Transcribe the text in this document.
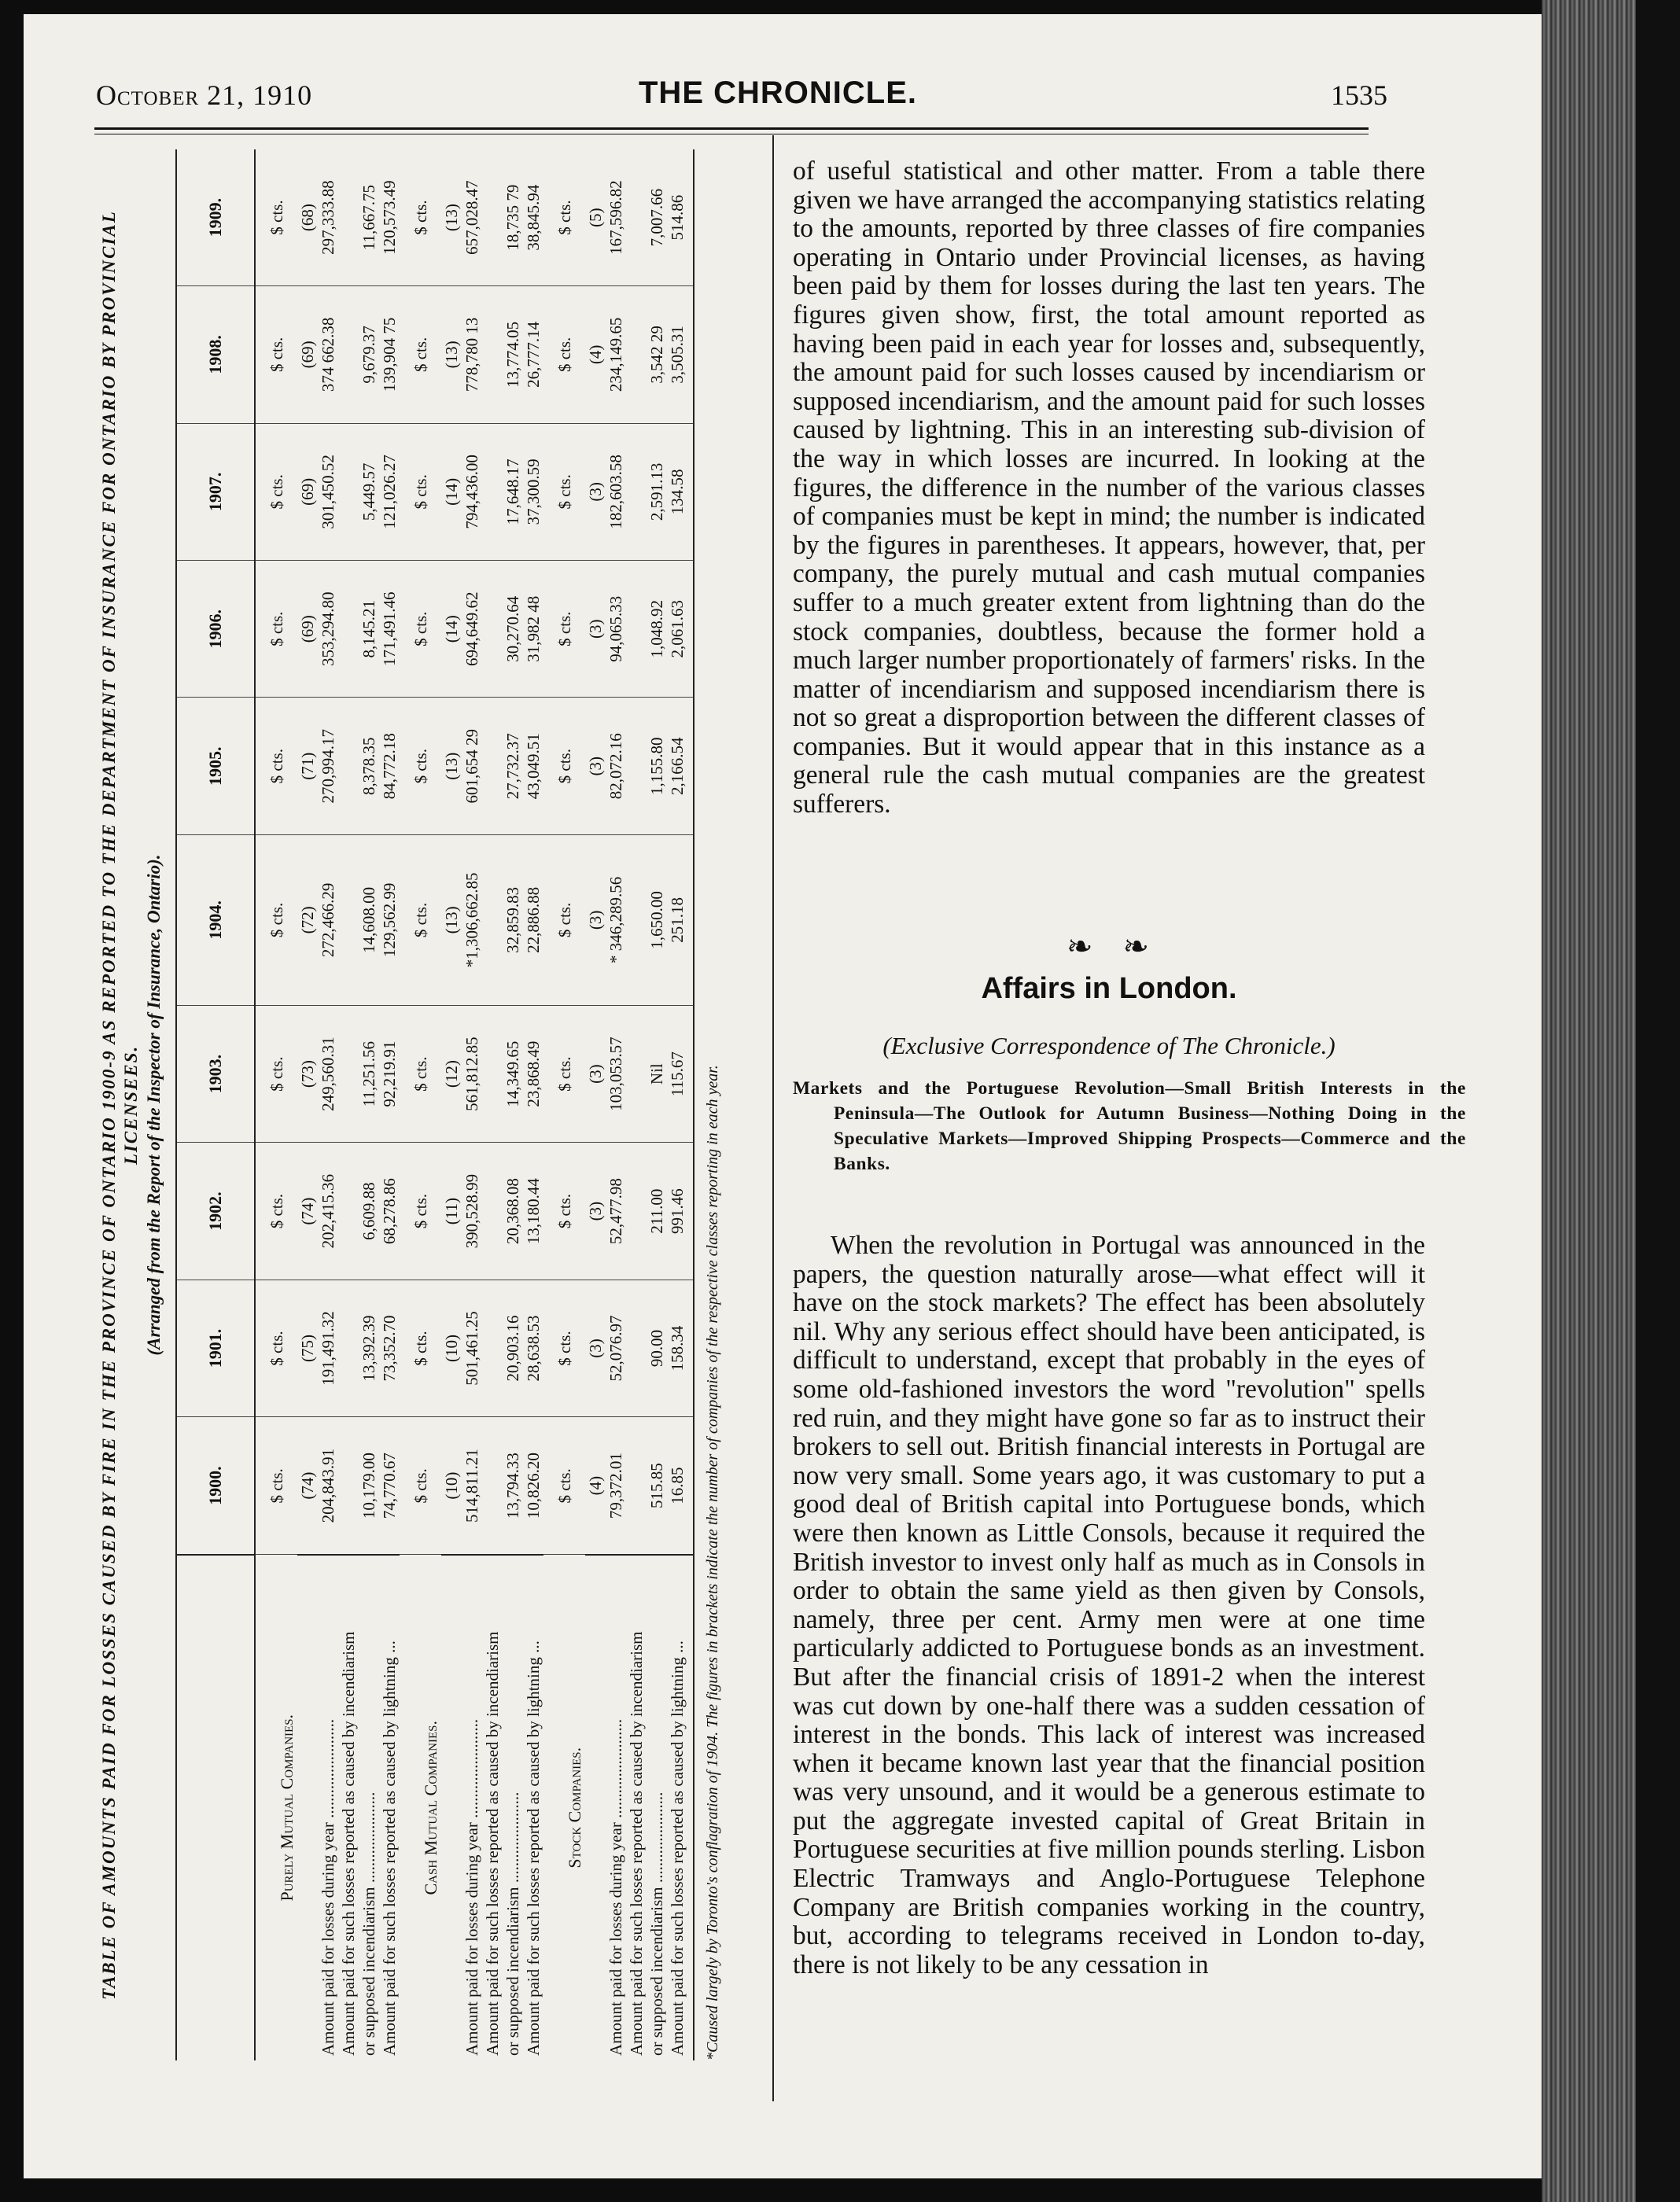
October 21, 1910	THE CHRONICLE.	1535
TABLE OF AMOUNTS PAID FOR LOSSES CAUSED BY FIRE IN THE PROVINCE OF ONTARIO 1900-9 AS REPORTED TO THE DEPARTMENT OF INSURANCE FOR ONTARIO BY PROVINCIAL LICENSEES. (Arranged from the Report of the Inspector of Insurance, Ontario).
	1900.	1901.	1902.	1903.	1904.	1905.	1906.	1907.	1908.	1909.
Purely Mutual Companies.	$ cts.	$ cts.	$ cts.	$ cts.	$ cts.	$ cts.	$ cts.	$ cts.	$ cts.	$ cts.
	(74)	(75)	(74)	(73)	(72)	(71)	(69)	(69)	(69)	(68)
Amount paid for losses during year ........................	204,843.91	191,491.32	202,415.36	249,560.31	272,466.29	270,994.17	353,294.80	301,450.52	374 662.38	297,333.88
Amount paid for such losses reported as caused by incendiarism										
or supposed incendiarism ......................	10,179.00	13,392.39	6,609.88	11,251.56	14,608.00	8,378.35	8,145.21	5,449.57	9,679.37	11,667.75
Amount paid for such losses reported as caused by lightning ...	74,770.67	73,352.70	68,278.86	92,219.91	129,562.99	84,772.18	171,491.46	121,026.27	139,904 75	120,573.49
Cash Mutual Companies.	$ cts.	$ cts.	$ cts.	$ cts.	$ cts.	$ cts.	$ cts.	$ cts.	$ cts.	$ cts.
	(10)	(10)	(11)	(12)	(13)	(13)	(14)	(14)	(13)	(13)
Amount paid for losses during year ........................	514,811.21	501,461.25	390,528.99	561,812.85	*1,306,662.85	601,654 29	694,649.62	794,436.00	778,780 13	657,028.47
Amount paid for such losses reported as caused by incendiarism										
or supposed incendiarism ......................	13,794.33	20,903.16	20,368.08	14,349.65	32,859.83	27,732.37	30,270.64	17,648.17	13,774.05	18,735 79
Amount paid for such losses reported as caused by lightning ...	10,826.20	28,638.53	13,180.44	23,868.49	22,886.88	43,049.51	31,982 48	37,300.59	26,777.14	38,845.94
Stock Companies.	$ cts.	$ cts.	$ cts.	$ cts.	$ cts.	$ cts.	$ cts.	$ cts.	$ cts.	$ cts.
	(4)	(3)	(3)	(3)	(3)	(3)	(3)	(3)	(4)	(5)
Amount paid for losses during year ........................	79,372.01	52,076.97	52,477.98	103,053.57	* 346,289.56	82,072.16	94,065.33	182,603.58	234,149.65	167,596.82
Amount paid for such losses reported as caused by incendiarism										
or supposed incendiarism ......................	515.85	90.00	211.00	Nil	1,650.00	1,155.80	1,048.92	2,591.13	3,542 29	7,007.66
Amount paid for such losses reported as caused by lightning ...	16.85	158.34	991.46	115.67	251.18	2,166.54	2,061.63	134.58	3,505.31	514.86
*Caused largely by Toronto's conflagration of 1904. The figures in brackets indicate the number of companies of the respective classes reporting in each year.

of useful statistical and other matter. From a table there given we have arranged the accompanying statistics relating to the amounts, reported by three classes of fire companies operating in Ontario under Provincial licenses, as having been paid by them for losses during the last ten years. The figures given show, first, the total amount reported as having been paid in each year for losses and, subsequently, the amount paid for such losses caused by incendiarism or supposed incendiarism, and the amount paid for such losses caused by lightning. This in an interesting sub-division of the way in which losses are incurred. In looking at the figures, the difference in the number of the various classes of companies must be kept in mind; the number is indicated by the figures in parentheses. It appears, however, that, per company, the purely mutual and cash mutual companies suffer to a much greater extent from lightning than do the stock companies, doubtless, because the former hold a much larger number proportionately of farmers' risks. In the matter of incendiarism and supposed incendiarism there is not so great a disproportion between the different classes of companies. But it would appear that in this instance as a general rule the cash mutual companies are the greatest sufferers.

❧ ❧
Affairs in London.
(Exclusive Correspondence of The Chronicle.)

Markets and the Portuguese Revolution—Small British Interests in the Peninsula—The Outlook for Autumn Business—Nothing Doing in the Speculative Markets—Improved Shipping Prospects—Commerce and the Banks.

When the revolution in Portugal was announced in the papers, the question naturally arose—what effect will it have on the stock markets? The effect has been absolutely nil. Why any serious effect should have been anticipated, is difficult to understand, except that probably in the eyes of some old-fashioned investors the word "revolution" spells red ruin, and they might have gone so far as to instruct their brokers to sell out. British financial interests in Portugal are now very small. Some years ago, it was customary to put a good deal of British capital into Portuguese bonds, which were then known as Little Consols, because it required the British investor to invest only half as much as in Consols in order to obtain the same yield as then given by Consols, namely, three per cent. Army men were at one time particularly addicted to Portuguese bonds as an investment. But after the financial crisis of 1891-2 when the interest was cut down by one-half there was a sudden cessation of interest in the bonds. This lack of interest was increased when it became known last year that the financial position was very unsound, and it would be a generous estimate to put the aggregate invested capital of Great Britain in Portuguese securities at five million pounds sterling. Lisbon Electric Tramways and Anglo-Portuguese Telephone Company are British companies working in the country, but, according to telegrams received in London to-day, there is not likely to be any cessation in
